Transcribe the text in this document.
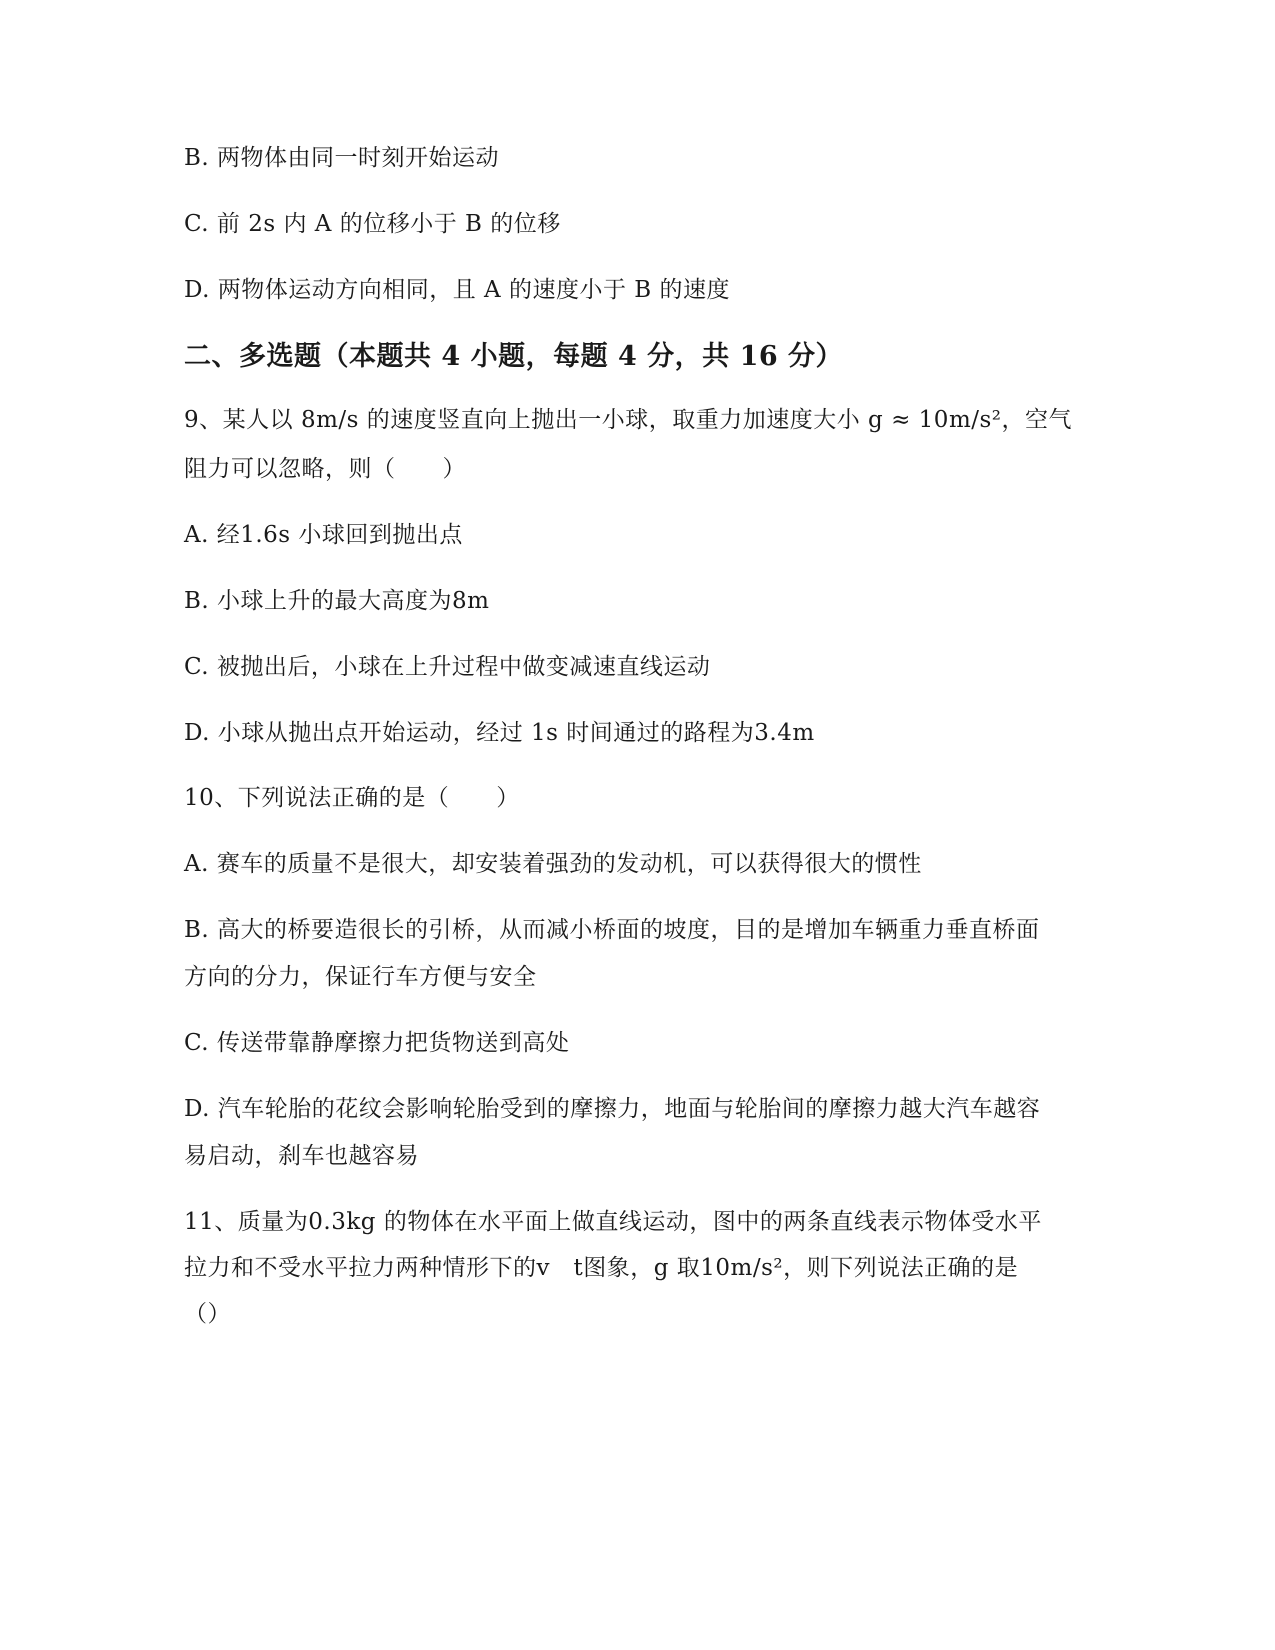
B. 两物体由同一时刻开始运动
C. 前 2s 内 A 的位移小于 B 的位移
D. 两物体运动方向相同，且 A 的速度小于 B 的速度
二、多选题（本题共 4 小题，每题 4 分，共 16 分）
9、某人以 8m/s 的速度竖直向上抛出一小球，取重力加速度大小 g ≈ 10m/s²，空气
阻力可以忽略，则（　　）
A. 经1.6s 小球回到抛出点
B. 小球上升的最大高度为8m
C. 被抛出后，小球在上升过程中做变减速直线运动
D. 小球从抛出点开始运动，经过 1s 时间通过的路程为3.4m
10、下列说法正确的是（　　）
A. 赛车的质量不是很大，却安装着强劲的发动机，可以获得很大的惯性
B. 高大的桥要造很长的引桥，从而减小桥面的坡度，目的是增加车辆重力垂直桥面
方向的分力，保证行车方便与安全
C. 传送带靠静摩擦力把货物送到高处
D. 汽车轮胎的花纹会影响轮胎受到的摩擦力，地面与轮胎间的摩擦力越大汽车越容
易启动，刹车也越容易
11、质量为0.3kg 的物体在水平面上做直线运动，图中的两条直线表示物体受水平
拉力和不受水平拉力两种情形下的v　t图象，g 取10m/s²，则下列说法正确的是
（）
